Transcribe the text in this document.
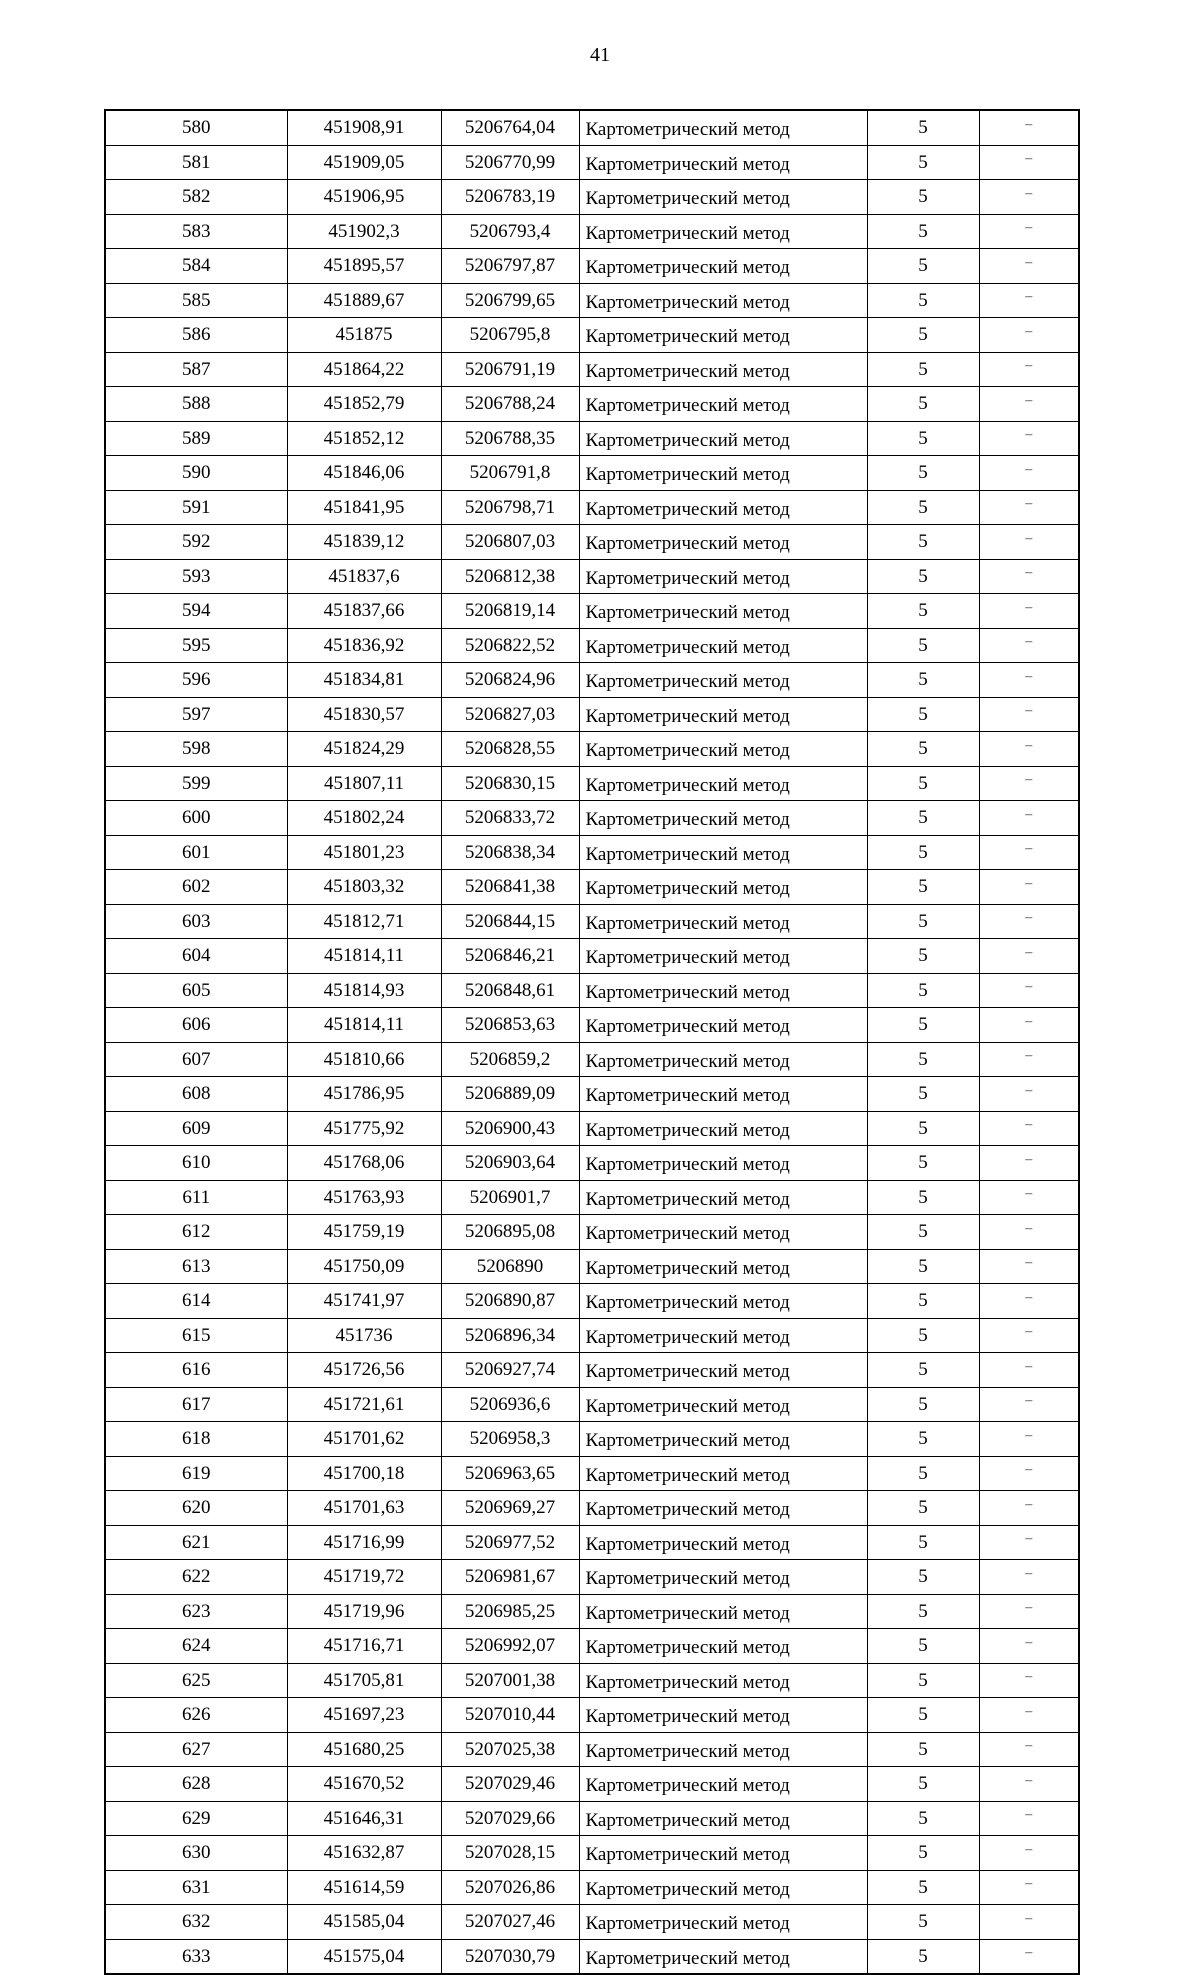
41
580	451908,91	5206764,04	Картометрический метод	5	–
581	451909,05	5206770,99	Картометрический метод	5	–
582	451906,95	5206783,19	Картометрический метод	5	–
583	451902,3	5206793,4	Картометрический метод	5	–
584	451895,57	5206797,87	Картометрический метод	5	–
585	451889,67	5206799,65	Картометрический метод	5	–
586	451875	5206795,8	Картометрический метод	5	–
587	451864,22	5206791,19	Картометрический метод	5	–
588	451852,79	5206788,24	Картометрический метод	5	–
589	451852,12	5206788,35	Картометрический метод	5	–
590	451846,06	5206791,8	Картометрический метод	5	–
591	451841,95	5206798,71	Картометрический метод	5	–
592	451839,12	5206807,03	Картометрический метод	5	–
593	451837,6	5206812,38	Картометрический метод	5	–
594	451837,66	5206819,14	Картометрический метод	5	–
595	451836,92	5206822,52	Картометрический метод	5	–
596	451834,81	5206824,96	Картометрический метод	5	–
597	451830,57	5206827,03	Картометрический метод	5	–
598	451824,29	5206828,55	Картометрический метод	5	–
599	451807,11	5206830,15	Картометрический метод	5	–
600	451802,24	5206833,72	Картометрический метод	5	–
601	451801,23	5206838,34	Картометрический метод	5	–
602	451803,32	5206841,38	Картометрический метод	5	–
603	451812,71	5206844,15	Картометрический метод	5	–
604	451814,11	5206846,21	Картометрический метод	5	–
605	451814,93	5206848,61	Картометрический метод	5	–
606	451814,11	5206853,63	Картометрический метод	5	–
607	451810,66	5206859,2	Картометрический метод	5	–
608	451786,95	5206889,09	Картометрический метод	5	–
609	451775,92	5206900,43	Картометрический метод	5	–
610	451768,06	5206903,64	Картометрический метод	5	–
611	451763,93	5206901,7	Картометрический метод	5	–
612	451759,19	5206895,08	Картометрический метод	5	–
613	451750,09	5206890	Картометрический метод	5	–
614	451741,97	5206890,87	Картометрический метод	5	–
615	451736	5206896,34	Картометрический метод	5	–
616	451726,56	5206927,74	Картометрический метод	5	–
617	451721,61	5206936,6	Картометрический метод	5	–
618	451701,62	5206958,3	Картометрический метод	5	–
619	451700,18	5206963,65	Картометрический метод	5	–
620	451701,63	5206969,27	Картометрический метод	5	–
621	451716,99	5206977,52	Картометрический метод	5	–
622	451719,72	5206981,67	Картометрический метод	5	–
623	451719,96	5206985,25	Картометрический метод	5	–
624	451716,71	5206992,07	Картометрический метод	5	–
625	451705,81	5207001,38	Картометрический метод	5	–
626	451697,23	5207010,44	Картометрический метод	5	–
627	451680,25	5207025,38	Картометрический метод	5	–
628	451670,52	5207029,46	Картометрический метод	5	–
629	451646,31	5207029,66	Картометрический метод	5	–
630	451632,87	5207028,15	Картометрический метод	5	–
631	451614,59	5207026,86	Картометрический метод	5	–
632	451585,04	5207027,46	Картометрический метод	5	–
633	451575,04	5207030,79	Картометрический метод	5	–
